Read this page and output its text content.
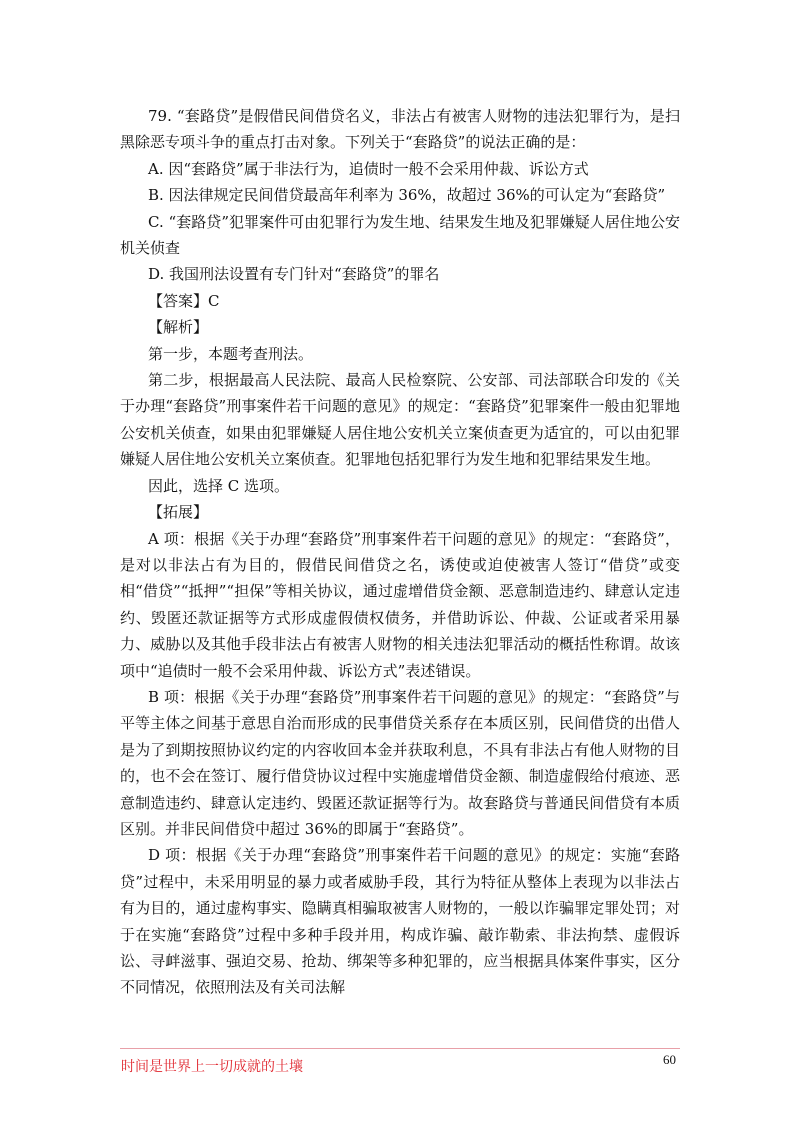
79. “套路贷”是假借民间借贷名义，非法占有被害人财物的违法犯罪行为，是扫黑除恶专项斗争的重点打击对象。下列关于“套路贷”的说法正确的是：

A. 因“套路贷”属于非法行为，追债时一般不会采用仲裁、诉讼方式

B. 因法律规定民间借贷最高年利率为 36%，故超过 36%的可认定为“套路贷”

C. “套路贷”犯罪案件可由犯罪行为发生地、结果发生地及犯罪嫌疑人居住地公安机关侦查

D. 我国刑法设置有专门针对“套路贷”的罪名

【答案】C

【解析】

第一步，本题考查刑法。

第二步，根据最高人民法院、最高人民检察院、公安部、司法部联合印发的《关于办理“套路贷”刑事案件若干问题的意见》的规定：“套路贷”犯罪案件一般由犯罪地公安机关侦查，如果由犯罪嫌疑人居住地公安机关立案侦查更为适宜的，可以由犯罪嫌疑人居住地公安机关立案侦查。犯罪地包括犯罪行为发生地和犯罪结果发生地。

因此，选择 C 选项。

【拓展】

A 项：根据《关于办理“套路贷”刑事案件若干问题的意见》的规定：“套路贷”，是对以非法占有为目的，假借民间借贷之名，诱使或迫使被害人签订“借贷”或变相“借贷”“抵押”“担保”等相关协议，通过虚增借贷金额、恶意制造违约、肆意认定违约、毁匿还款证据等方式形成虚假债权债务，并借助诉讼、仲裁、公证或者采用暴力、威胁以及其他手段非法占有被害人财物的相关违法犯罪活动的概括性称谓。故该项中“追债时一般不会采用仲裁、诉讼方式”表述错误。

B 项：根据《关于办理“套路贷”刑事案件若干问题的意见》的规定：“套路贷”与平等主体之间基于意思自治而形成的民事借贷关系存在本质区别，民间借贷的出借人是为了到期按照协议约定的内容收回本金并获取利息，不具有非法占有他人财物的目的，也不会在签订、履行借贷协议过程中实施虚增借贷金额、制造虚假给付痕迹、恶意制造违约、肆意认定违约、毁匿还款证据等行为。故套路贷与普通民间借贷有本质区别。并非民间借贷中超过 36%的即属于“套路贷”。

D 项：根据《关于办理“套路贷”刑事案件若干问题的意见》的规定：实施“套路贷”过程中，未采用明显的暴力或者威胁手段，其行为特征从整体上表现为以非法占有为目的，通过虚构事实、隐瞒真相骗取被害人财物的，一般以诈骗罪定罪处罚；对于在实施“套路贷”过程中多种手段并用，构成诈骗、敲诈勒索、非法拘禁、虚假诉讼、寻衅滋事、强迫交易、抢劫、绑架等多种犯罪的，应当根据具体案件事实，区分不同情况，依照刑法及有关司法解

时间是世界上一切成就的土壤	60
